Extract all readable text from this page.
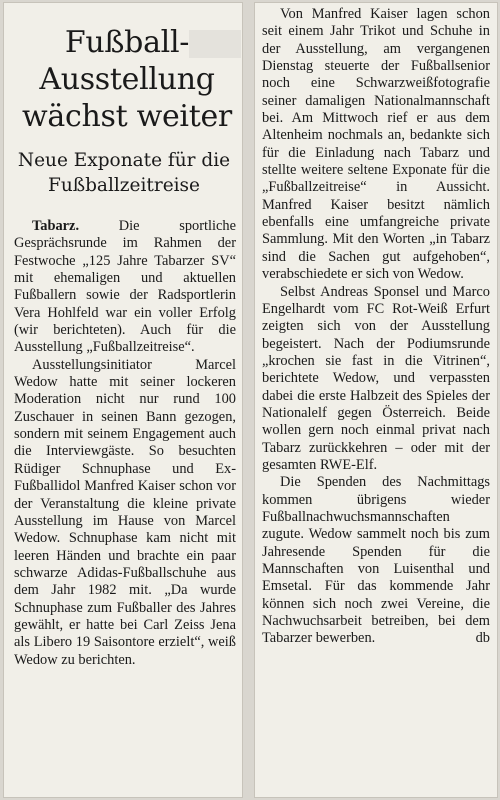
Fußball-
Ausstellung
wächst weiter
Neue Exponate für die
Fußballzeitreise

Tabarz.	Die sportliche Gesprächsrunde im Rahmen der Festwoche „125 Jahre Tabarzer SV“ mit ehemaligen und aktuellen Fußballern sowie der Radsportlerin Vera Hohlfeld war ein voller Erfolg (wir berichteten). Auch für die Ausstellung „Fußballzeitreise“.

Ausstellungsinitiator Marcel Wedow hatte mit seiner lockeren Moderation nicht nur rund 100 Zuschauer in seinen Bann gezogen, sondern mit seinem Engagement auch die Interviewgäste. So besuchten Rüdiger Schnuphase und Ex-Fußballidol Manfred Kaiser schon vor der Veranstaltung die kleine private Ausstellung im Hause von Marcel Wedow. Schnuphase kam nicht mit leeren Händen und brachte ein paar schwarze Adidas-Fußballschuhe aus dem Jahr 1982 mit. „Da wurde Schnuphase zum Fußballer des Jahres gewählt, er hatte bei Carl Zeiss Jena als Libero 19 Saisontore erzielt“, weiß Wedow zu berichten.

Von Manfred Kaiser lagen schon seit einem Jahr Trikot und Schuhe in der Ausstellung, am vergangenen Dienstag steuerte der Fußballsenior noch eine Schwarzweißfotografie seiner damaligen Nationalmannschaft bei. Am Mittwoch rief er aus dem Altenheim nochmals an, bedankte sich für die Einladung nach Tabarz und stellte weitere seltene Exponate für die „Fußballzeitreise“ in Aussicht. Manfred Kaiser besitzt nämlich ebenfalls eine umfangreiche private Sammlung. Mit den Worten „in Tabarz sind die Sachen gut aufgehoben“, verabschiedete er sich von Wedow.

Selbst Andreas Sponsel und Marco Engelhardt vom FC Rot-Weiß Erfurt zeigten sich von der Ausstellung begeistert. Nach der Podiumsrunde „krochen sie fast in die Vitrinen“, berichtete Wedow, und verpassten dabei die erste Halbzeit des Spieles der Nationalelf gegen Österreich. Beide wollen gern noch einmal privat nach Tabarz zurückkehren – oder mit der gesamten RWE-Elf.

Die Spenden des Nachmittags kommen übrigens wieder Fußballnachwuchsmannschaften zugute. Wedow sammelt noch bis zum Jahresende Spenden für die Mannschaften von Luisenthal und Emsetal. Für das kommende Jahr können sich noch zwei Vereine, die Nachwuchsarbeit betreiben, bei dem Tabarzer bewerben.	db
